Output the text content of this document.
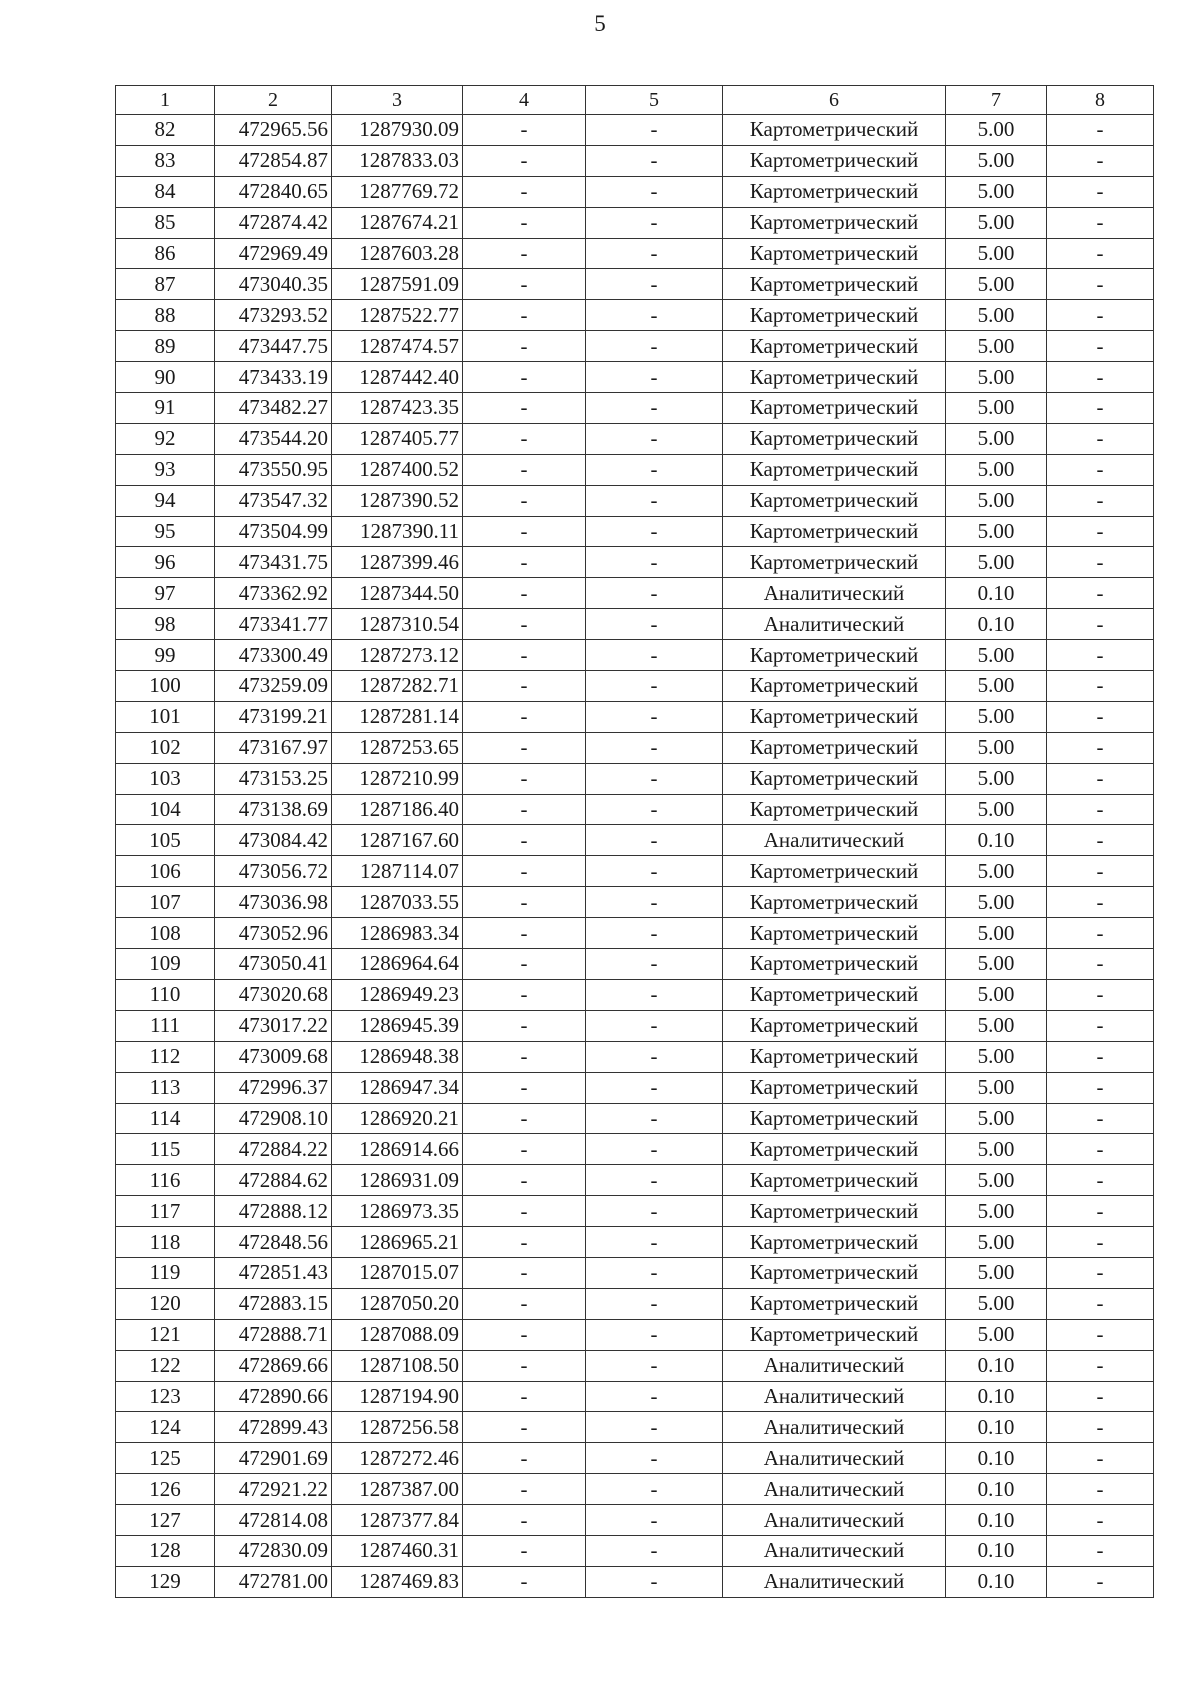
5
1	2	3	4	5	6	7	8
82	472965.56	1287930.09	-	-	Картометрический	5.00	-
83	472854.87	1287833.03	-	-	Картометрический	5.00	-
84	472840.65	1287769.72	-	-	Картометрический	5.00	-
85	472874.42	1287674.21	-	-	Картометрический	5.00	-
86	472969.49	1287603.28	-	-	Картометрический	5.00	-
87	473040.35	1287591.09	-	-	Картометрический	5.00	-
88	473293.52	1287522.77	-	-	Картометрический	5.00	-
89	473447.75	1287474.57	-	-	Картометрический	5.00	-
90	473433.19	1287442.40	-	-	Картометрический	5.00	-
91	473482.27	1287423.35	-	-	Картометрический	5.00	-
92	473544.20	1287405.77	-	-	Картометрический	5.00	-
93	473550.95	1287400.52	-	-	Картометрический	5.00	-
94	473547.32	1287390.52	-	-	Картометрический	5.00	-
95	473504.99	1287390.11	-	-	Картометрический	5.00	-
96	473431.75	1287399.46	-	-	Картометрический	5.00	-
97	473362.92	1287344.50	-	-	Аналитический	0.10	-
98	473341.77	1287310.54	-	-	Аналитический	0.10	-
99	473300.49	1287273.12	-	-	Картометрический	5.00	-
100	473259.09	1287282.71	-	-	Картометрический	5.00	-
101	473199.21	1287281.14	-	-	Картометрический	5.00	-
102	473167.97	1287253.65	-	-	Картометрический	5.00	-
103	473153.25	1287210.99	-	-	Картометрический	5.00	-
104	473138.69	1287186.40	-	-	Картометрический	5.00	-
105	473084.42	1287167.60	-	-	Аналитический	0.10	-
106	473056.72	1287114.07	-	-	Картометрический	5.00	-
107	473036.98	1287033.55	-	-	Картометрический	5.00	-
108	473052.96	1286983.34	-	-	Картометрический	5.00	-
109	473050.41	1286964.64	-	-	Картометрический	5.00	-
110	473020.68	1286949.23	-	-	Картометрический	5.00	-
111	473017.22	1286945.39	-	-	Картометрический	5.00	-
112	473009.68	1286948.38	-	-	Картометрический	5.00	-
113	472996.37	1286947.34	-	-	Картометрический	5.00	-
114	472908.10	1286920.21	-	-	Картометрический	5.00	-
115	472884.22	1286914.66	-	-	Картометрический	5.00	-
116	472884.62	1286931.09	-	-	Картометрический	5.00	-
117	472888.12	1286973.35	-	-	Картометрический	5.00	-
118	472848.56	1286965.21	-	-	Картометрический	5.00	-
119	472851.43	1287015.07	-	-	Картометрический	5.00	-
120	472883.15	1287050.20	-	-	Картометрический	5.00	-
121	472888.71	1287088.09	-	-	Картометрический	5.00	-
122	472869.66	1287108.50	-	-	Аналитический	0.10	-
123	472890.66	1287194.90	-	-	Аналитический	0.10	-
124	472899.43	1287256.58	-	-	Аналитический	0.10	-
125	472901.69	1287272.46	-	-	Аналитический	0.10	-
126	472921.22	1287387.00	-	-	Аналитический	0.10	-
127	472814.08	1287377.84	-	-	Аналитический	0.10	-
128	472830.09	1287460.31	-	-	Аналитический	0.10	-
129	472781.00	1287469.83	-	-	Аналитический	0.10	-
